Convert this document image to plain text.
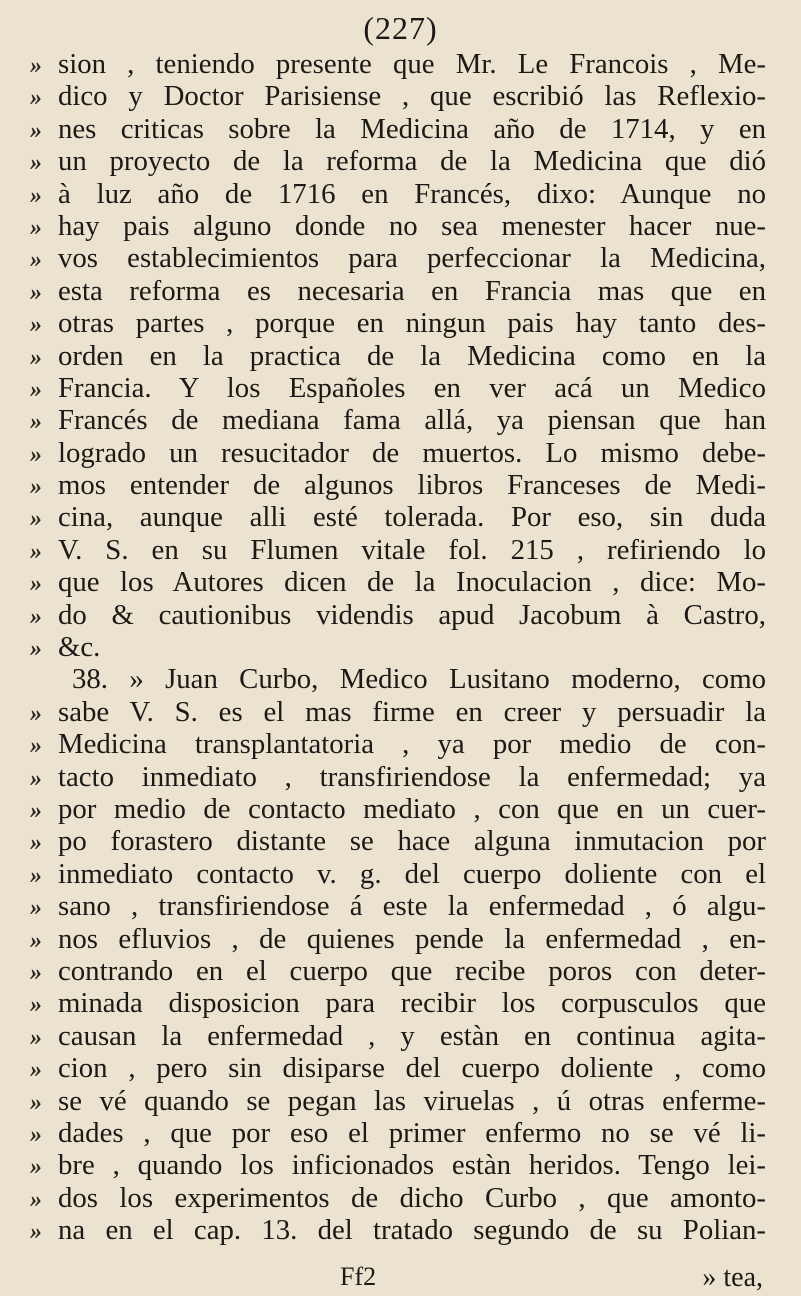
(227)
» sion , teniendo presente que Mr. Le Francois , Me-
» dico y Doctor Parisiense , que escribió las Reflexio-
» nes criticas sobre la Medicina año de 1714, y en
» un proyecto de la reforma de la Medicina que dió
» à luz año de 1716 en Francés, dixo: Aunque no
» hay pais alguno donde no sea menester hacer nue-
» vos establecimientos para perfeccionar la Medicina,
» esta reforma es necesaria en Francia mas que en
» otras partes , porque en ningun pais hay tanto des-
» orden en la practica de la Medicina como en la
» Francia. Y los Españoles en ver acá un Medico
» Francés de mediana fama allá, ya piensan que han
» logrado un resucitador de muertos. Lo mismo debe-
» mos entender de algunos libros Franceses de Medi-
» cina, aunque alli esté tolerada. Por eso, sin duda
» V. S. en su Flumen vitale fol. 215 , refiriendo lo
» que los Autores dicen de la Inoculacion , dice: Mo-
» do & cautionibus videndis apud Jacobum à Castro,
» &c.
38. » Juan Curbo, Medico Lusitano moderno, como
» sabe V. S. es el mas firme en creer y persuadir la
» Medicina transplantatoria , ya por medio de con-
» tacto inmediato , transfiriendose la enfermedad; ya
» por medio de contacto mediato , con que en un cuer-
» po forastero distante se hace alguna inmutacion por
» inmediato contacto v. g. del cuerpo doliente con el
» sano , transfiriendose á este la enfermedad , ó algu-
» nos efluvios , de quienes pende la enfermedad , en-
» contrando en el cuerpo que recibe poros con deter-
» minada disposicion para recibir los corpusculos que
» causan la enfermedad , y estàn en continua agita-
» cion , pero sin disiparse del cuerpo doliente , como
» se vé quando se pegan las viruelas , ú otras enferme-
» dades , que por eso el primer enfermo no se vé li-
» bre , quando los inficionados estàn heridos. Tengo lei-
» dos los experimentos de dicho Curbo , que amonto-
» na en el cap. 13. del tratado segundo de su Polian-
Ff2	» tea,
